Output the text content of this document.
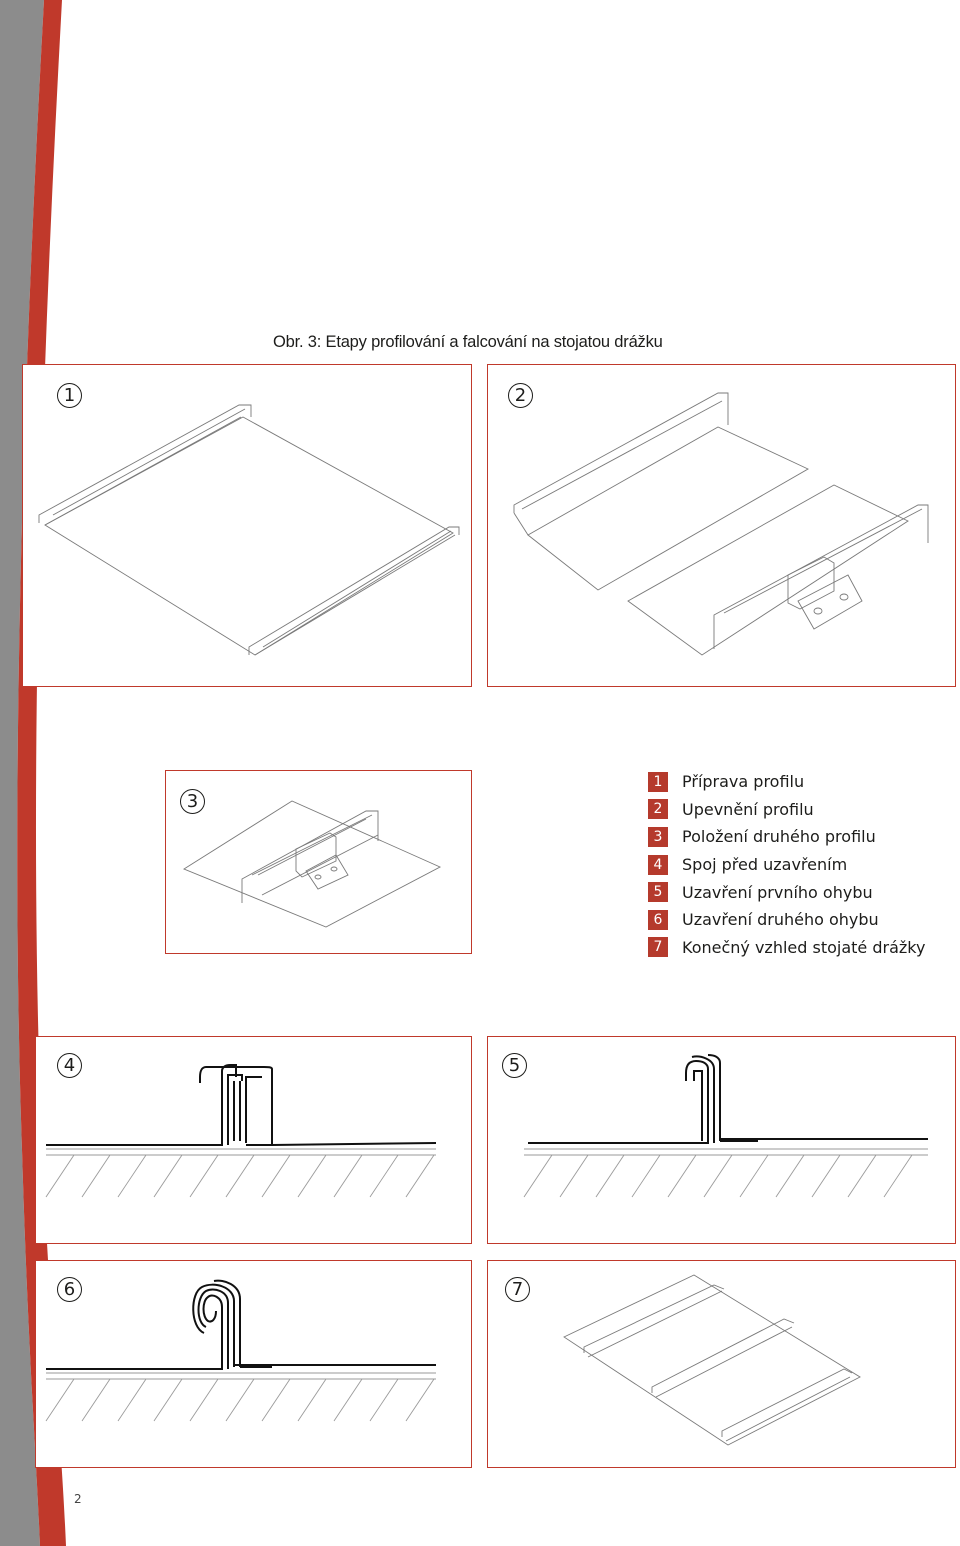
Obr. 3: Etapy profilování a falcování na stojatou drážku
1	2
3
1	Příprava profilu
2	Upevnění profilu
3	Položení druhého profilu
4	Spoj před uzavřením
5	Uzavření prvního ohybu
6	Uzavření druhého ohybu
7	Konečný vzhled stojaté drážky
4	5
6	7
2
